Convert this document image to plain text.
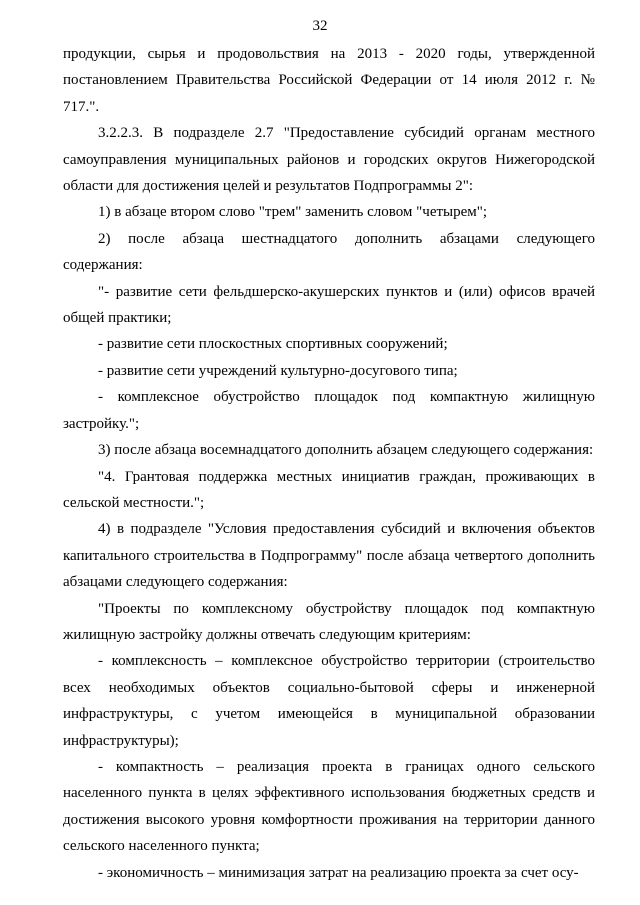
32

продукции, сырья и продовольствия на 2013 - 2020 годы, утвержденной постановлением Правительства Российской Федерации от 14 июля 2012 г. № 717.".

3.2.2.3. В подразделе 2.7 "Предоставление субсидий органам местного самоуправления муниципальных районов и городских округов Нижегородской области для достижения целей и результатов Подпрограммы 2":

1) в абзаце втором слово "трем" заменить словом "четырем";

2) после абзаца шестнадцатого дополнить абзацами следующего содержания:

"- развитие сети фельдшерско-акушерских пунктов и (или) офисов врачей общей практики;

- развитие сети плоскостных спортивных сооружений;

- развитие сети учреждений культурно-досугового типа;

- комплексное обустройство площадок под компактную жилищную застройку.";

3) после абзаца восемнадцатого дополнить абзацем следующего содержания:

"4. Грантовая поддержка местных инициатив граждан, проживающих в сельской местности.";

4) в подразделе "Условия предоставления субсидий и включения объектов капитального строительства в Подпрограмму" после абзаца четвертого дополнить абзацами следующего содержания:

"Проекты по комплексному обустройству площадок под компактную жилищную застройку должны отвечать следующим критериям:

- комплексность – комплексное обустройство территории (строительство всех необходимых объектов социально-бытовой сферы и инженерной инфраструктуры, с учетом имеющейся в муниципальной образовании инфраструктуры);

- компактность – реализация проекта в границах одного сельского населенного пункта в целях эффективного использования бюджетных средств и достижения высокого уровня комфортности проживания на территории данного сельского населенного пункта;

- экономичность – минимизация затрат на реализацию проекта за счет осу-
